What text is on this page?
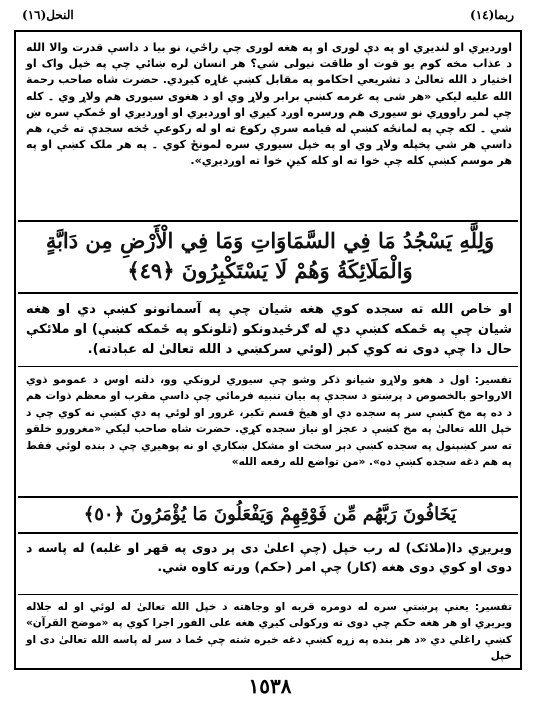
ربما(١٤)
النحل(١٦)
اوردیږي او لندیږي او په دې لوری او په هغه لوری چې راځي، نو بیا د داسې قدرت والا الله د عذاب مخه کوم یو قوت او طاقت نیولی شي؟ هر انسان لره ښائي چې په خپل واک او اختیار د الله تعالیٰ د تشریعي احکامو په مقابل کښې غاړه کیږدي. حضرت شاه صاحب رحمة الله علیه لیکي «هر شی په غرمه کښې برابر ولاړ وي او د هغوی سیوری هم ولاړ وي ۔ کله چې لمر راووړي نو سیوری هم ورسره اوږد کیږي او اوږدیږي او اوږدیږي او ځمکې سره ښ شي ۔ لکه چې په لمانځه کښې له قیامه سرې رکوع ته او له رکوعې ځخه سجدې ته ځي، هم داسې هر شي پخپله ولاړ وي او په خپل سیوري سره لمونځ کوي ۔ په هر ملک کښې او په هر موسم کښې کله چې خوا ته او کله کیڼ خوا ته اوږدیږي».
وَلِلَّهِ يَسْجُدُ مَا فِي السَّمَاوَاتِ وَمَا فِي الْأَرْضِ مِن دَابَّةٍ وَالْمَلَائِكَةُ وَهُمْ لَا يَسْتَكْبِرُونَ ﴿٤٩﴾
او خاص الله ته سجده کوي هغه شیان چې په آسمانونو کښې دي او هغه شیان چې په ځمکه کښې دي له ګرځیدونکو (تلونکو په ځمکه کښې) او ملائکې حال دا چې دوی نه کوي کبر (لوئي سرکښي د الله تعالیٰ له عبادته).
تفسیر: اول د هغو ولاړو شیانو ذکر وشو چې سیوري لرونکي وو، دلته اوس د عمومو ذوي الارواحو بالخصوص د پرښتو د سجدې په بیان تنبیه فرمائي چې داسې مقرب او معظم ذوات هم د ده په مخ کښې سر په سجده دي او هیڅ قسم تکبر، غرور او لوئي په دې کښې نه کوي چې د خپل الله تعالیٰ په مخ کښې د عجز او نیاز سجده کړي. حضرت شاه صاحب لیکي «مغرورو خلقو ته سر کښېنول په سجده کښې دېر سخت او مشکل ښکاري او نه پوهیږي چې د بنده لوئي فقط په هم دغه سجده کښې ده». «من تواضع لله رفعه الله»
يَخَافُونَ رَبَّهُم مِّن فَوْقِهِمْ وَيَفْعَلُونَ مَا يُؤْمَرُونَ ﴿٥٠﴾
ویریږي دا(ملائک) له رب خپل (چې اعلیٰ دی پر دوی په قهر او غلبه) له پاسه د دوی او کوي دوی هغه (کار) چې امر (حکم) ورته کاوه شي.
تفسیر: یعنې پرښتې سره له دومره قربه او وجاهته د خپل الله تعالیٰ له لوئي او له جلاله ویریږي او هر هغه حکم چې دوی ته ورکولی کیږي هغه علی الفور اجرا کوي په «موضح القرآن» کښې راغلي دي «د هر بنده په زړه کښې دغه خبره شته چې ځما د سر له پاسه الله تعالیٰ دی او خپل
١٥٣٨
